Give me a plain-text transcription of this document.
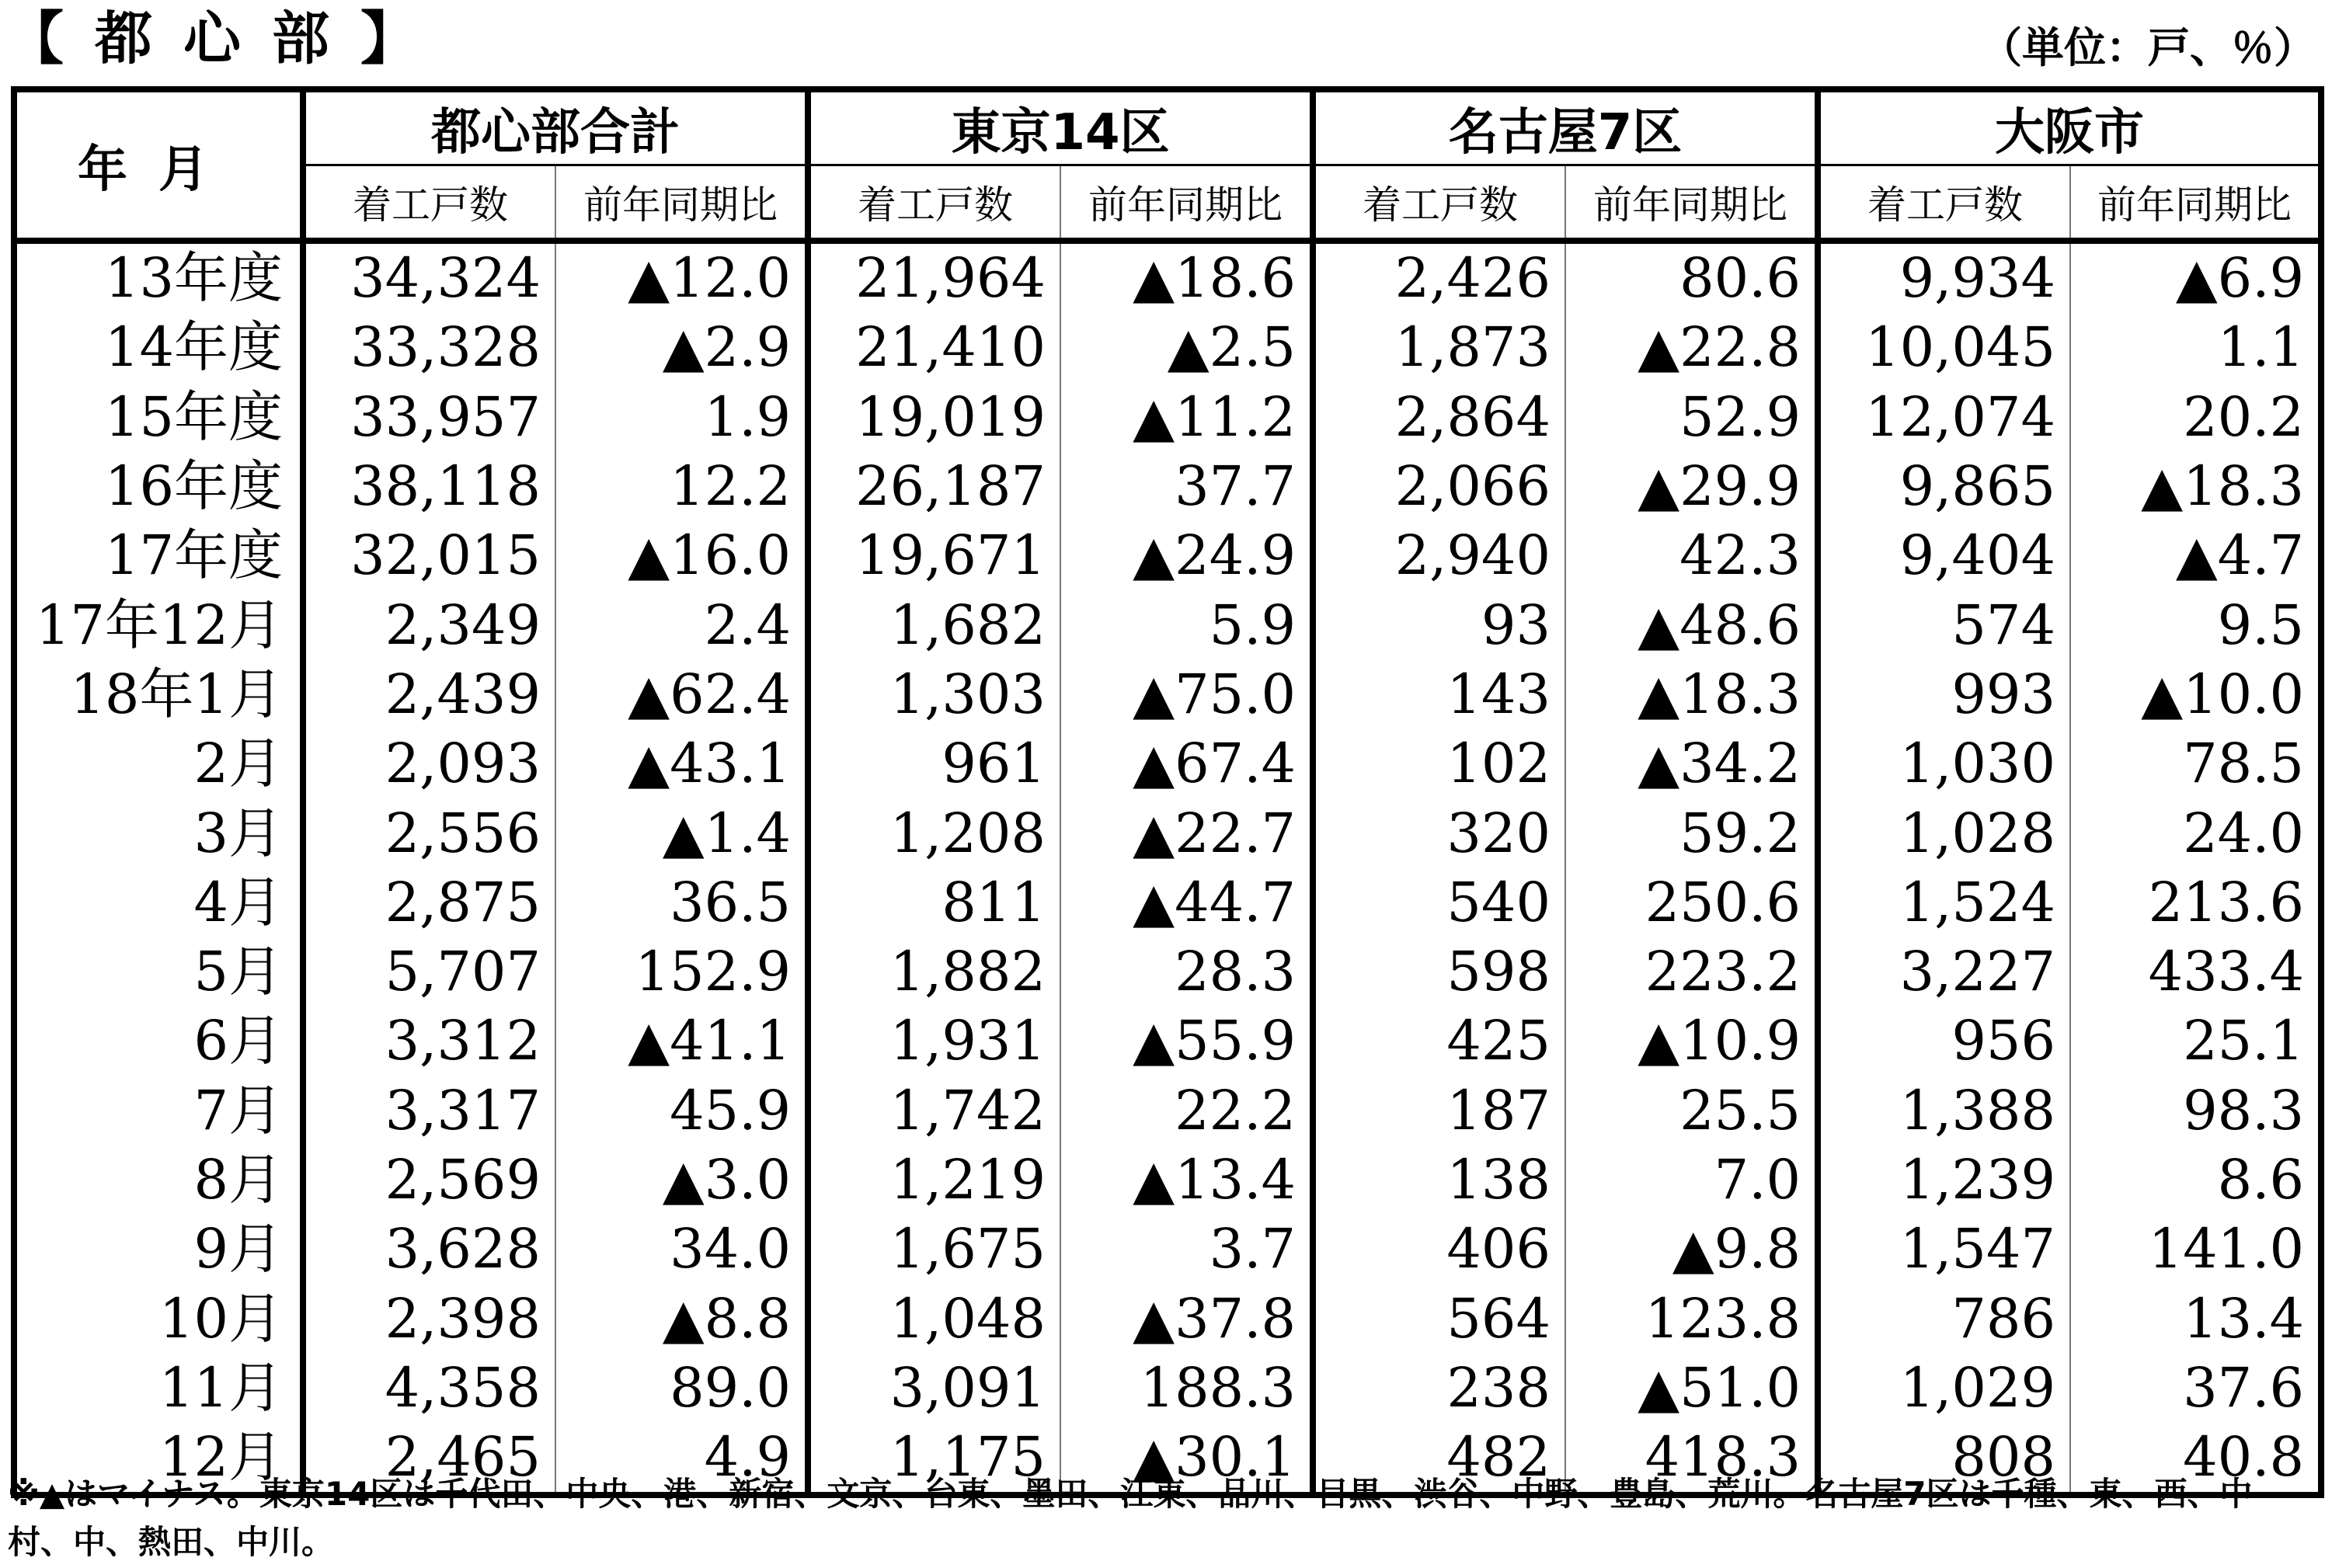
【都心部】	（単位：戸、％）
年月	都心部合計		東京14区		名古屋7区		大阪市	
	着工戸数	前年同期比	着工戸数	前年同期比	着工戸数	前年同期比	着工戸数	前年同期比
13年度	34,324	▲12.0	21,964	▲18.6	2,426	80.6	9,934	▲6.9
14年度	33,328	▲2.9	21,410	▲2.5	1,873	▲22.8	10,045	1.1
15年度	33,957	1.9	19,019	▲11.2	2,864	52.9	12,074	20.2
16年度	38,118	12.2	26,187	37.7	2,066	▲29.9	9,865	▲18.3
17年度	32,015	▲16.0	19,671	▲24.9	2,940	42.3	9,404	▲4.7
17年12月	2,349	2.4	1,682	5.9	93	▲48.6	574	9.5
18年1月	2,439	▲62.4	1,303	▲75.0	143	▲18.3	993	▲10.0
2月	2,093	▲43.1	961	▲67.4	102	▲34.2	1,030	78.5
3月	2,556	▲1.4	1,208	▲22.7	320	59.2	1,028	24.0
4月	2,875	36.5	811	▲44.7	540	250.6	1,524	213.6
5月	5,707	152.9	1,882	28.3	598	223.2	3,227	433.4
6月	3,312	▲41.1	1,931	▲55.9	425	▲10.9	956	25.1
7月	3,317	45.9	1,742	22.2	187	25.5	1,388	98.3
8月	2,569	▲3.0	1,219	▲13.4	138	7.0	1,239	8.6
9月	3,628	34.0	1,675	3.7	406	▲9.8	1,547	141.0
10月	2,398	▲8.8	1,048	▲37.8	564	123.8	786	13.4
11月	4,358	89.0	3,091	188.3	238	▲51.0	1,029	37.6
12月	2,465	4.9	1,175	▲30.1	482	418.3	808	40.8
※▲はマイナス。東京14区は千代田、中央、港、新宿、文京、台東、墨田、江東、品川、目黒、渋谷、中野、豊島、荒川。名古屋7区は千種、東、西、中村、中、熱田、中川。
